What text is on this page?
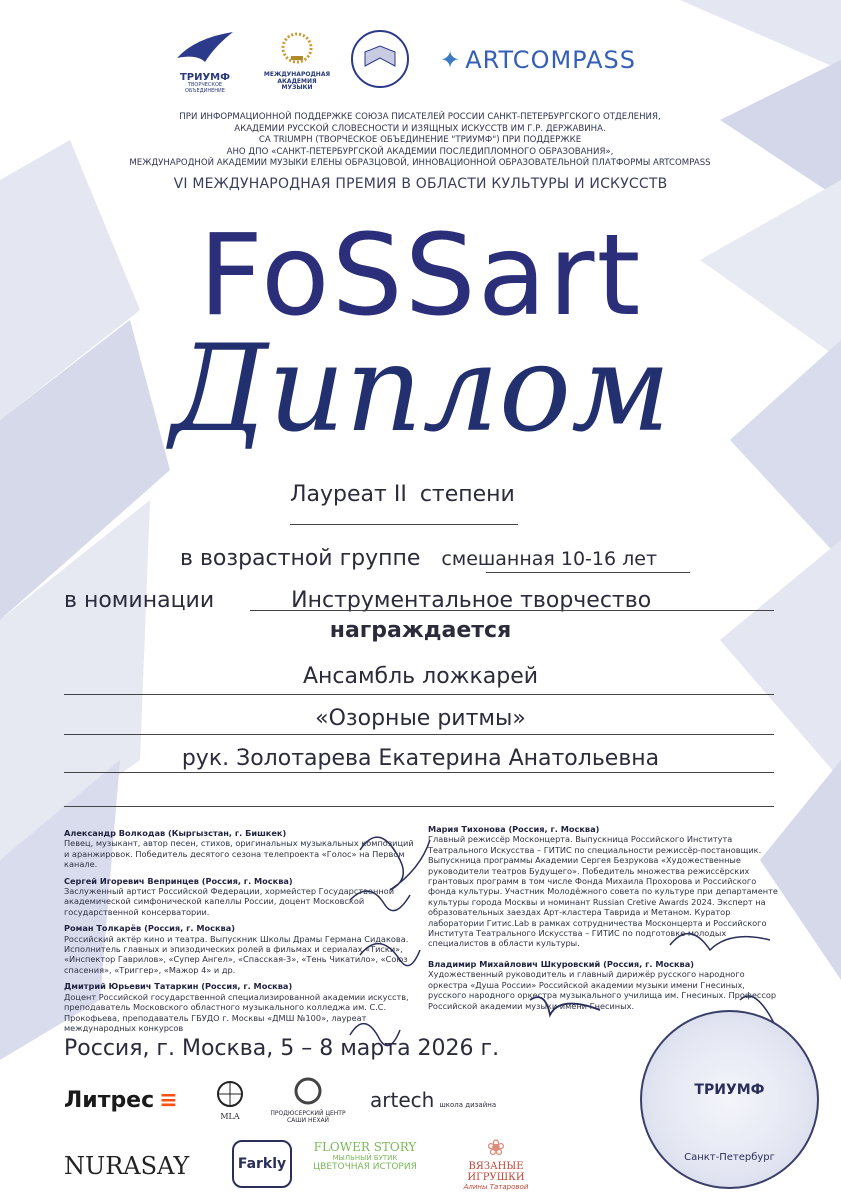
ТРИУМФ
ТВОРЧЕСКОЕ ОБЪЕДИНЕНИЕ
МЕЖДУНАРОДНАЯ АКАДЕМИЯ МУЗЫКИ
✦ ARTCOMPASS
ПРИ ИНФОРМАЦИОННОЙ ПОДДЕРЖКЕ СОЮЗА ПИСАТЕЛЕЙ РОССИИ САНКТ-ПЕТЕРБУРГСКОГО ОТДЕЛЕНИЯ,
АКАДЕМИИ РУССКОЙ СЛОВЕСНОСТИ И ИЗЯЩНЫХ ИСКУССТВ ИМ Г.Р. ДЕРЖАВИНА.
СА TRIUMPH (ТВОРЧЕСКОЕ ОБЪЕДИНЕНИЕ "ТРИУМФ") ПРИ ПОДДЕРЖКЕ
АНО ДПО «САНКТ-ПЕТЕРБУРГСКОЙ АКАДЕМИИ ПОСЛЕДИПЛОМНОГО ОБРАЗОВАНИЯ»,
МЕЖДУНАРОДНОЙ АКАДЕМИИ МУЗЫКИ ЕЛЕНЫ ОБРАЗЦОВОЙ, ИННОВАЦИОННОЙ ОБРАЗОВАТЕЛЬНОЙ ПЛАТФОРМЫ ARTCOMPASS
VI МЕЖДУНАРОДНАЯ ПРЕМИЯ В ОБЛАСТИ КУЛЬТУРЫ И ИСКУССТВ
FoSSart
Диплом
Лауреат II степени
в возрастной группе смешанная 10-16 лет
в номинации	Инструментальное творчество
награждается
Ансамбль ложкарей
«Озорные ритмы»
рук. Золотарева Екатерина Анатольевна
Александр Волкодав (Кыргызстан, г. Бишкек)
Певец, музыкант, автор песен, стихов, оригинальных музыкальных композиций и аранжировок. Победитель десятого сезона телепроекта «Голос» на Первом канале.
Сергей Игоревич Вепринцев (Россия, г. Москва)
Заслуженный артист Российской Федерации, хормейстер Государственной академической симфонической капеллы России, доцент Московской государственной консерватории.
Роман Толкарёв (Россия, г. Москва)
Российский актёр кино и театра. Выпускник Школы Драмы Германа Сидакова. Исполнитель главных и эпизодических ролей в фильмах и сериалах «Тиски», «Инспектор Гаврилов», «Супер Ангел», «Спасская-3», «Тень Чикатило», «Союз спасения», «Триггер», «Мажор 4» и др.
Дмитрий Юрьевич Татаркин (Россия, г. Москва)
Доцент Российской государственной специализированной академии искусств, преподаватель Московского областного музыкального колледжа им. С.С. Прокофьева, преподаватель ГБУДО г. Москвы «ДМШ №100», лауреат международных конкурсов
Мария Тихонова (Россия, г. Москва)
Главный режиссёр Москонцерта. Выпускница Российского Института Театрального Искусства – ГИТИС по специальности режиссёр-постановщик. Выпускница программы Академии Сергея Безрукова «Художественные руководители театров Будущего». Победитель множества режиссёрских грантовых программ в том числе Фонда Михаила Прохорова и Российского фонда культуры. Участник Молодёжного совета по культуре при департаменте культуры города Москвы и номинант Russian Cretive Awards 2024. Эксперт на образовательных заездах Арт-кластера Таврида и Метаном. Куратор лаборатории Гитис.Lab в рамках сотрудничества Москонцерта и Российского Института Театрального Искусства – ГИТИС по подготовке молодых специалистов в области культуры.
Владимир Михайлович Шкуровский (Россия, г. Москва)
Художественный руководитель и главный дирижёр русского народного оркестра «Душа России» Российской академии музыки имени Гнесиных, русского народного оркестра музыкального училища им. Гнесиных. Профессор Российской академии музыки имени Гнесиных.
Россия, г. Москва, 5 – 8 марта 2026 г.
ТРИУМФ
Санкт-Петербург
Литрес ≡
MLA	ПРОДЮСЕРСКИЙ ЦЕНТР САШИ НЕХАЙ
artech школа дизайна
NURASAY	Farkly
FLOWER STORY
МЫЛЬНЫЙ БУТИК
ЦВЕТОЧНАЯ ИСТОРИЯ
❀
ВЯЗАНЫЕ ИГРУШКИ
Алины Татаровой
